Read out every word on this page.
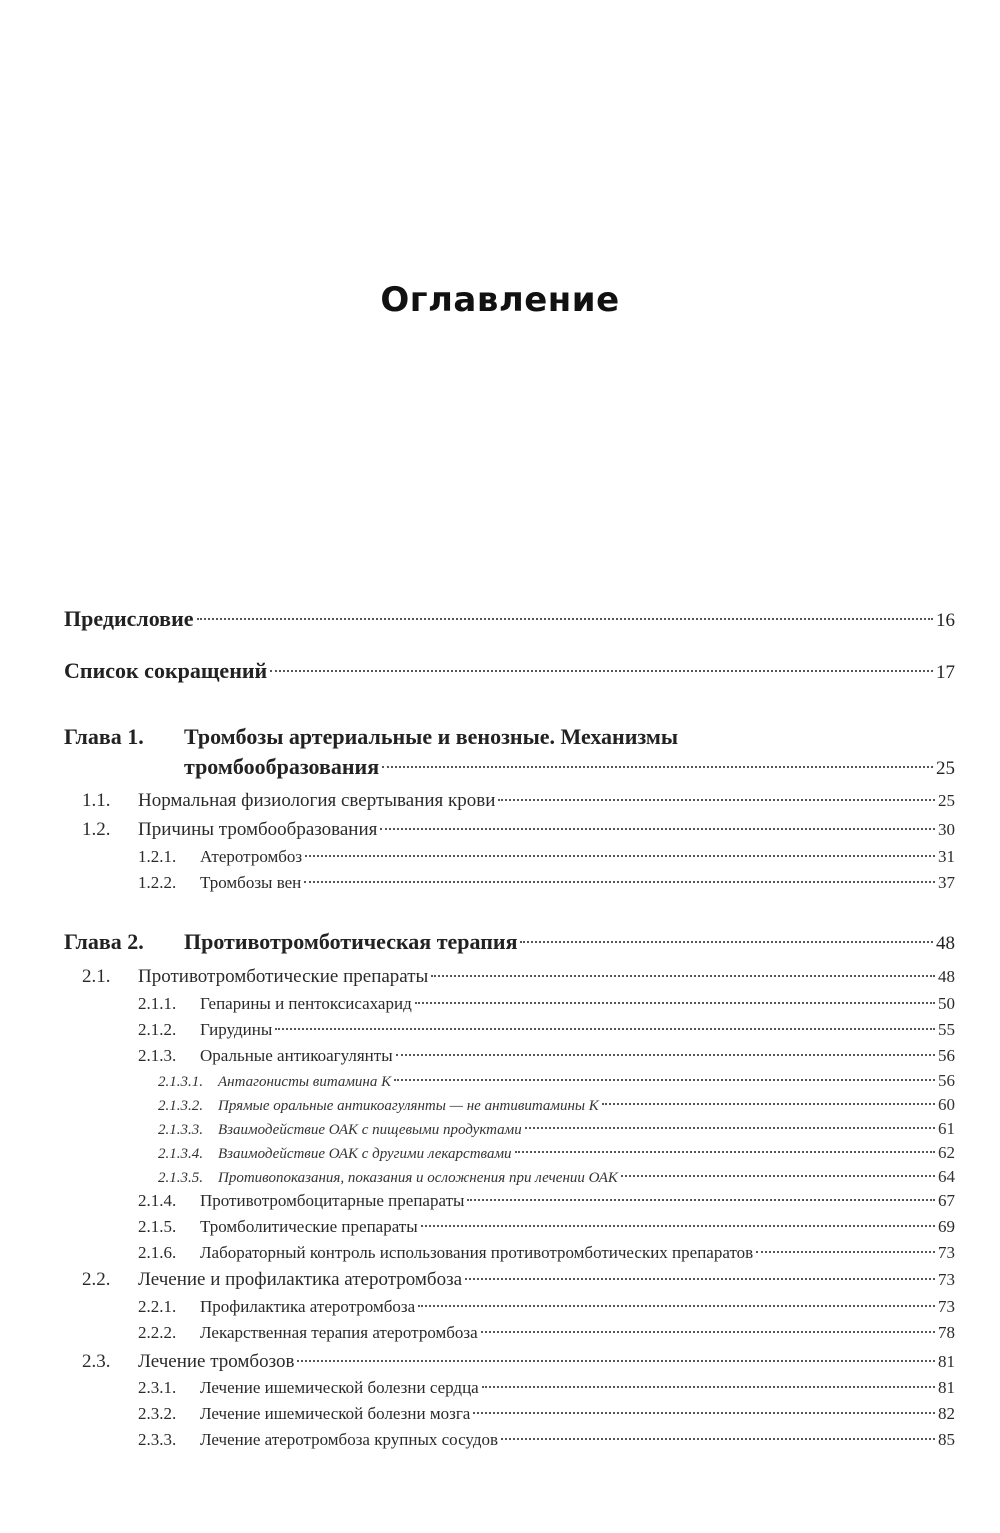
Оглавление
Предисловие	16
Список сокращений	17
Глава 1.	Тромбозы артериальные и венозные. Механизмы
тромбообразования	25
1.1.	Нормальная физиология свертывания крови	25
1.2.	Причины тромбообразования	30
1.2.1.	Атеротромбоз	31
1.2.2.	Тромбозы вен	37
Глава 2.	Противотромботическая терапия	48
2.1.	Противотромботические препараты	48
2.1.1.	Гепарины и пентоксисахарид	50
2.1.2.	Гирудины	55
2.1.3.	Оральные антикоагулянты	56
2.1.3.1.	Антагонисты витамина К	56
2.1.3.2.	Прямые оральные антикоагулянты — не антивитамины К	60
2.1.3.3.	Взаимодействие ОАК с пищевыми продуктами	61
2.1.3.4.	Взаимодействие ОАК с другими лекарствами	62
2.1.3.5.	Противопоказания, показания и осложнения при лечении ОАК	64
2.1.4.	Противотромбоцитарные препараты	67
2.1.5.	Тромболитические препараты	69
2.1.6.	Лабораторный контроль использования противотромботических препаратов	73
2.2.	Лечение и профилактика атеротромбоза	73
2.2.1.	Профилактика атеротромбоза	73
2.2.2.	Лекарственная терапия атеротромбоза	78
2.3.	Лечение тромбозов	81
2.3.1.	Лечение ишемической болезни сердца	81
2.3.2.	Лечение ишемической болезни мозга	82
2.3.3.	Лечение атеротромбоза крупных сосудов	85
